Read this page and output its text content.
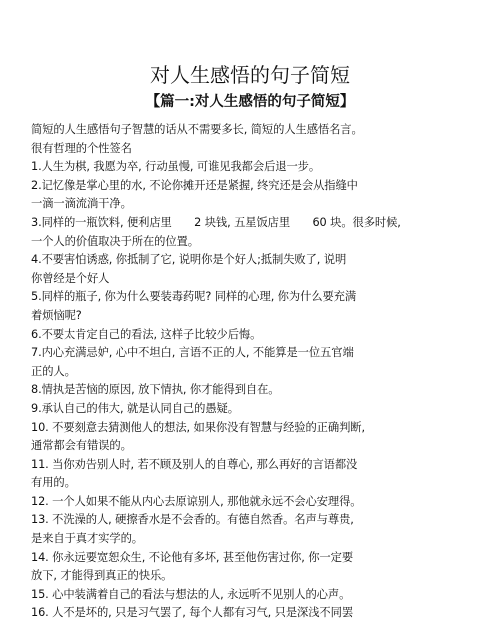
对人生感悟的句子简短
【篇一:对人生感悟的句子简短】

简短的人生感悟句子智慧的话从不需要多长, 简短的人生感悟名言。

很有哲理的个性签名

1.人生为棋, 我愿为卒, 行动虽慢, 可谁见我都会后退一步。

2.记忆像是掌心里的水, 不论你摊开还是紧握, 终究还是会从指缝中

一滴一滴流淌干净。

3.同样的一瓶饮料, 便利店里　　2 块钱, 五星饭店里　　60 块。很多时候,

一个人的价值取决于所在的位置。

4.不要害怕诱惑, 你抵制了它, 说明你是个好人;抵制失败了, 说明

你曾经是个好人

5.同样的瓶子, 你为什么要装毒药呢? 同样的心理, 你为什么要充满

着烦恼呢?

6.不要太肯定自己的看法, 这样子比较少后悔。

7.内心充满忌妒, 心中不坦白, 言语不正的人, 不能算是一位五官端

正的人。

8.情执是苦恼的原因, 放下情执, 你才能得到自在。

9.承认自己的伟大, 就是认同自己的愚疑。

10. 不要刻意去猜测他人的想法, 如果你没有智慧与经验的正确判断,

通常都会有错误的。

11. 当你劝告别人时, 若不顾及别人的自尊心, 那么再好的言语都没

有用的。

12. 一个人如果不能从内心去原谅别人, 那他就永远不会心安理得。

13. 不洗澡的人, 硬擦香水是不会香的。有德自然香。名声与尊贵,

是来自于真才实学的。

14. 你永远要宽恕众生, 不论他有多坏, 甚至他伤害过你, 你一定要

放下, 才能得到真正的快乐。

15. 心中装满着自己的看法与想法的人, 永远听不见别人的心声。

16. 人不是坏的, 只是习气罢了, 每个人都有习气, 只是深浅不同罢
